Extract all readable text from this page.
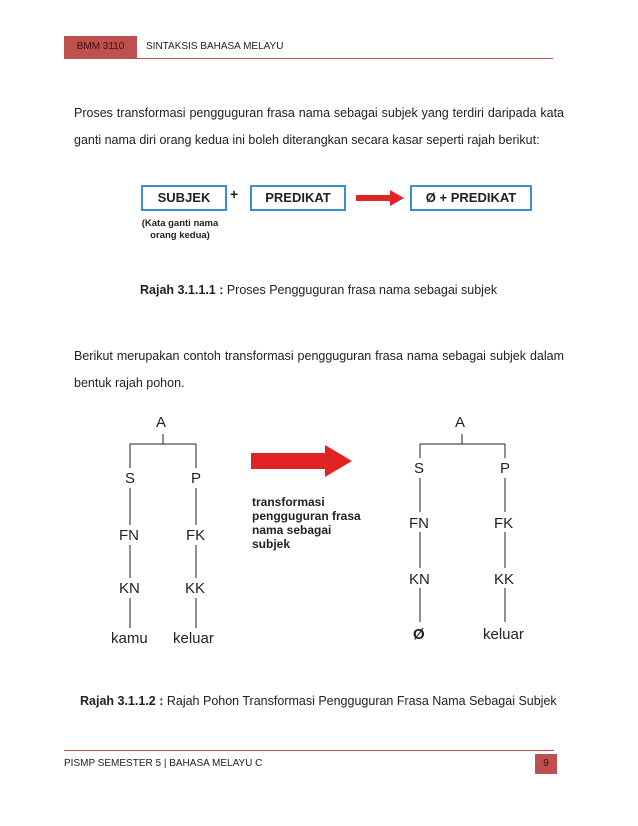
BMM 3110	SINTAKSIS BAHASA MELAYU
Proses transformasi pengguguran frasa nama sebagai subjek yang terdiri daripada kata ganti nama diri orang kedua ini boleh diterangkan secara kasar seperti rajah berikut:
SUBJEK	+	PREDIKAT	Ø + PREDIKAT
(Kata ganti nama
orang kedua)
Rajah 3.1.1.1 : Proses Pengguguran frasa nama sebagai subjek
Berikut merupakan contoh transformasi pengguguran frasa nama sebagai subjek dalam bentuk rajah pohon.
A
S	P
FN	FK
KN	KK
kamu keluar
transformasi
pengguguran frasa
nama sebagai
subjek
A
S	P
FN	FK
KN	KK
Ø	keluar
Rajah 3.1.1.2 : Rajah Pohon Transformasi Pengguguran Frasa Nama Sebagai Subjek
PISMP SEMESTER 5 | BAHASA MELAYU C	9
